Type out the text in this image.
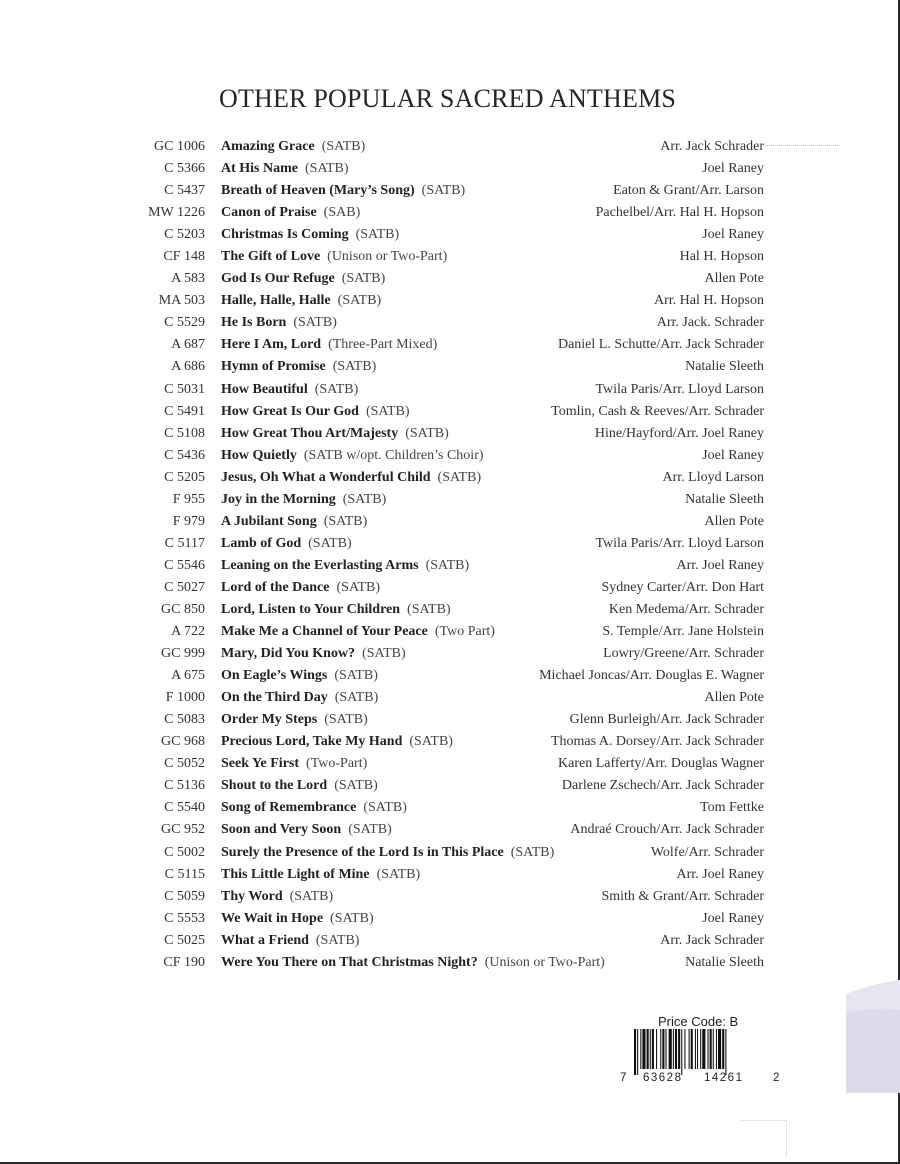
OTHER POPULAR SACRED ANTHEMS
GC 1006 Amazing Grace (SATB)	Arr. Jack Schrader
C 5366 At His Name (SATB)	Joel Raney
C 5437 Breath of Heaven (Mary’s Song) (SATB)	Eaton & Grant/Arr. Larson
MW 1226 Canon of Praise (SAB)	Pachelbel/Arr. Hal H. Hopson
C 5203 Christmas Is Coming (SATB)	Joel Raney
CF 148 The Gift of Love (Unison or Two-Part)	Hal H. Hopson
A 583 God Is Our Refuge (SATB)	Allen Pote
MA 503 Halle, Halle, Halle (SATB)	Arr. Hal H. Hopson
C 5529 He Is Born (SATB)	Arr. Jack. Schrader
A 687 Here I Am, Lord (Three-Part Mixed)	Daniel L. Schutte/Arr. Jack Schrader
A 686 Hymn of Promise (SATB)	Natalie Sleeth
C 5031 How Beautiful (SATB)	Twila Paris/Arr. Lloyd Larson
C 5491 How Great Is Our God (SATB)	Tomlin, Cash & Reeves/Arr. Schrader
C 5108 How Great Thou Art/Majesty (SATB)	Hine/Hayford/Arr. Joel Raney
C 5436 How Quietly (SATB w/opt. Children’s Choir)	Joel Raney
C 5205 Jesus, Oh What a Wonderful Child (SATB)	Arr. Lloyd Larson
F 955 Joy in the Morning (SATB)	Natalie Sleeth
F 979 A Jubilant Song (SATB)	Allen Pote
C 5117 Lamb of God (SATB)	Twila Paris/Arr. Lloyd Larson
C 5546 Leaning on the Everlasting Arms (SATB)	Arr. Joel Raney
C 5027 Lord of the Dance (SATB)	Sydney Carter/Arr. Don Hart
GC 850 Lord, Listen to Your Children (SATB)	Ken Medema/Arr. Schrader
A 722 Make Me a Channel of Your Peace (Two Part)	S. Temple/Arr. Jane Holstein
GC 999 Mary, Did You Know? (SATB)	Lowry/Greene/Arr. Schrader
A 675 On Eagle’s Wings (SATB)	Michael Joncas/Arr. Douglas E. Wagner
F 1000 On the Third Day (SATB)	Allen Pote
C 5083 Order My Steps (SATB)	Glenn Burleigh/Arr. Jack Schrader
GC 968 Precious Lord, Take My Hand (SATB)	Thomas A. Dorsey/Arr. Jack Schrader
C 5052 Seek Ye First (Two-Part)	Karen Lafferty/Arr. Douglas Wagner
C 5136 Shout to the Lord (SATB)	Darlene Zschech/Arr. Jack Schrader
C 5540 Song of Remembrance (SATB)	Tom Fettke
GC 952 Soon and Very Soon (SATB)	Andraé Crouch/Arr. Jack Schrader
C 5002 Surely the Presence of the Lord Is in This Place (SATB)	Wolfe/Arr. Schrader
C 5115 This Little Light of Mine (SATB)	Arr. Joel Raney
C 5059 Thy Word (SATB)	Smith & Grant/Arr. Schrader
C 5553 We Wait in Hope (SATB)	Joel Raney
C 5025 What a Friend (SATB)	Arr. Jack Schrader
CF 190 Were You There on That Christmas Night? (Unison or Two-Part)	Natalie Sleeth
Price Code: B
7 63628 14261	2
